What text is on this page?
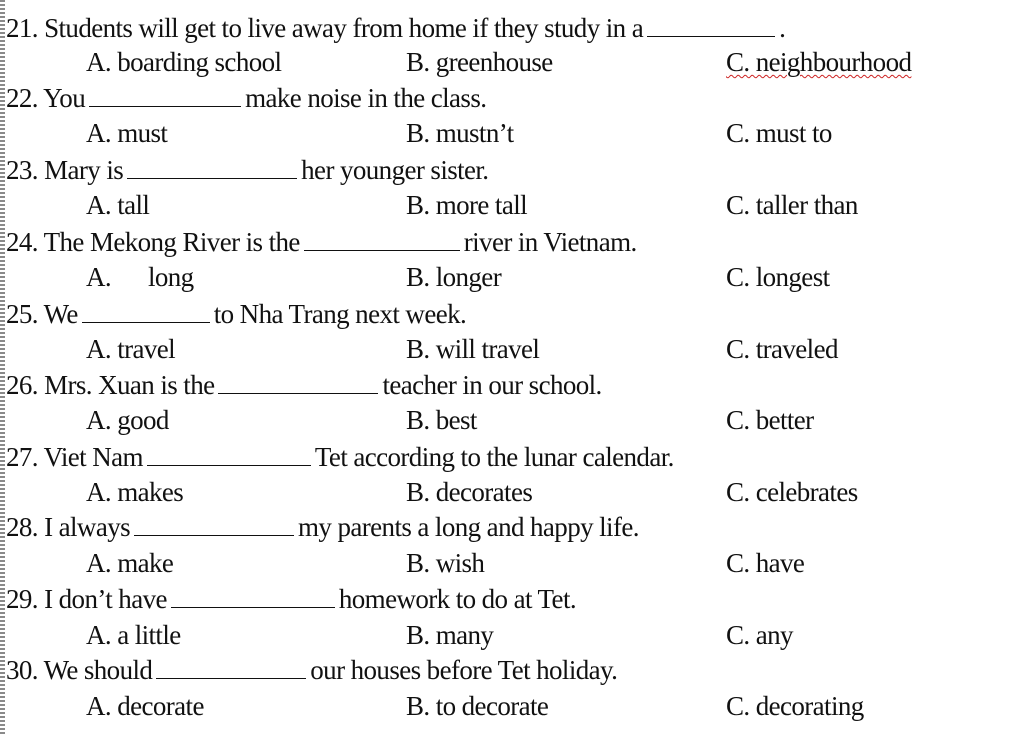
21. Students will get to live away from home if they study in a	.
A. boarding school	B. greenhouse	C. neighbourhood
22. You	make noise in the class.
A. must	B. mustn’t	C. must to
23. Mary is	her younger sister.
A. tall	B. more tall	C. taller than
24. The Mekong River is the	river in Vietnam.
A.      long	B. longer	C. longest
25. We	to Nha Trang next week.
A. travel	B. will travel	C. traveled
26. Mrs. Xuan is the	teacher in our school.
A. good	B. best	C. better
27. Viet Nam	Tet according to the lunar calendar.
A. makes	B. decorates	C. celebrates
28. I always	my parents a long and happy life.
A. make	B. wish	C. have
29. I don’t have	homework to do at Tet.
A. a little	B. many	C. any
30. We should	our houses before Tet holiday.
A. decorate	B. to decorate	C. decorating
